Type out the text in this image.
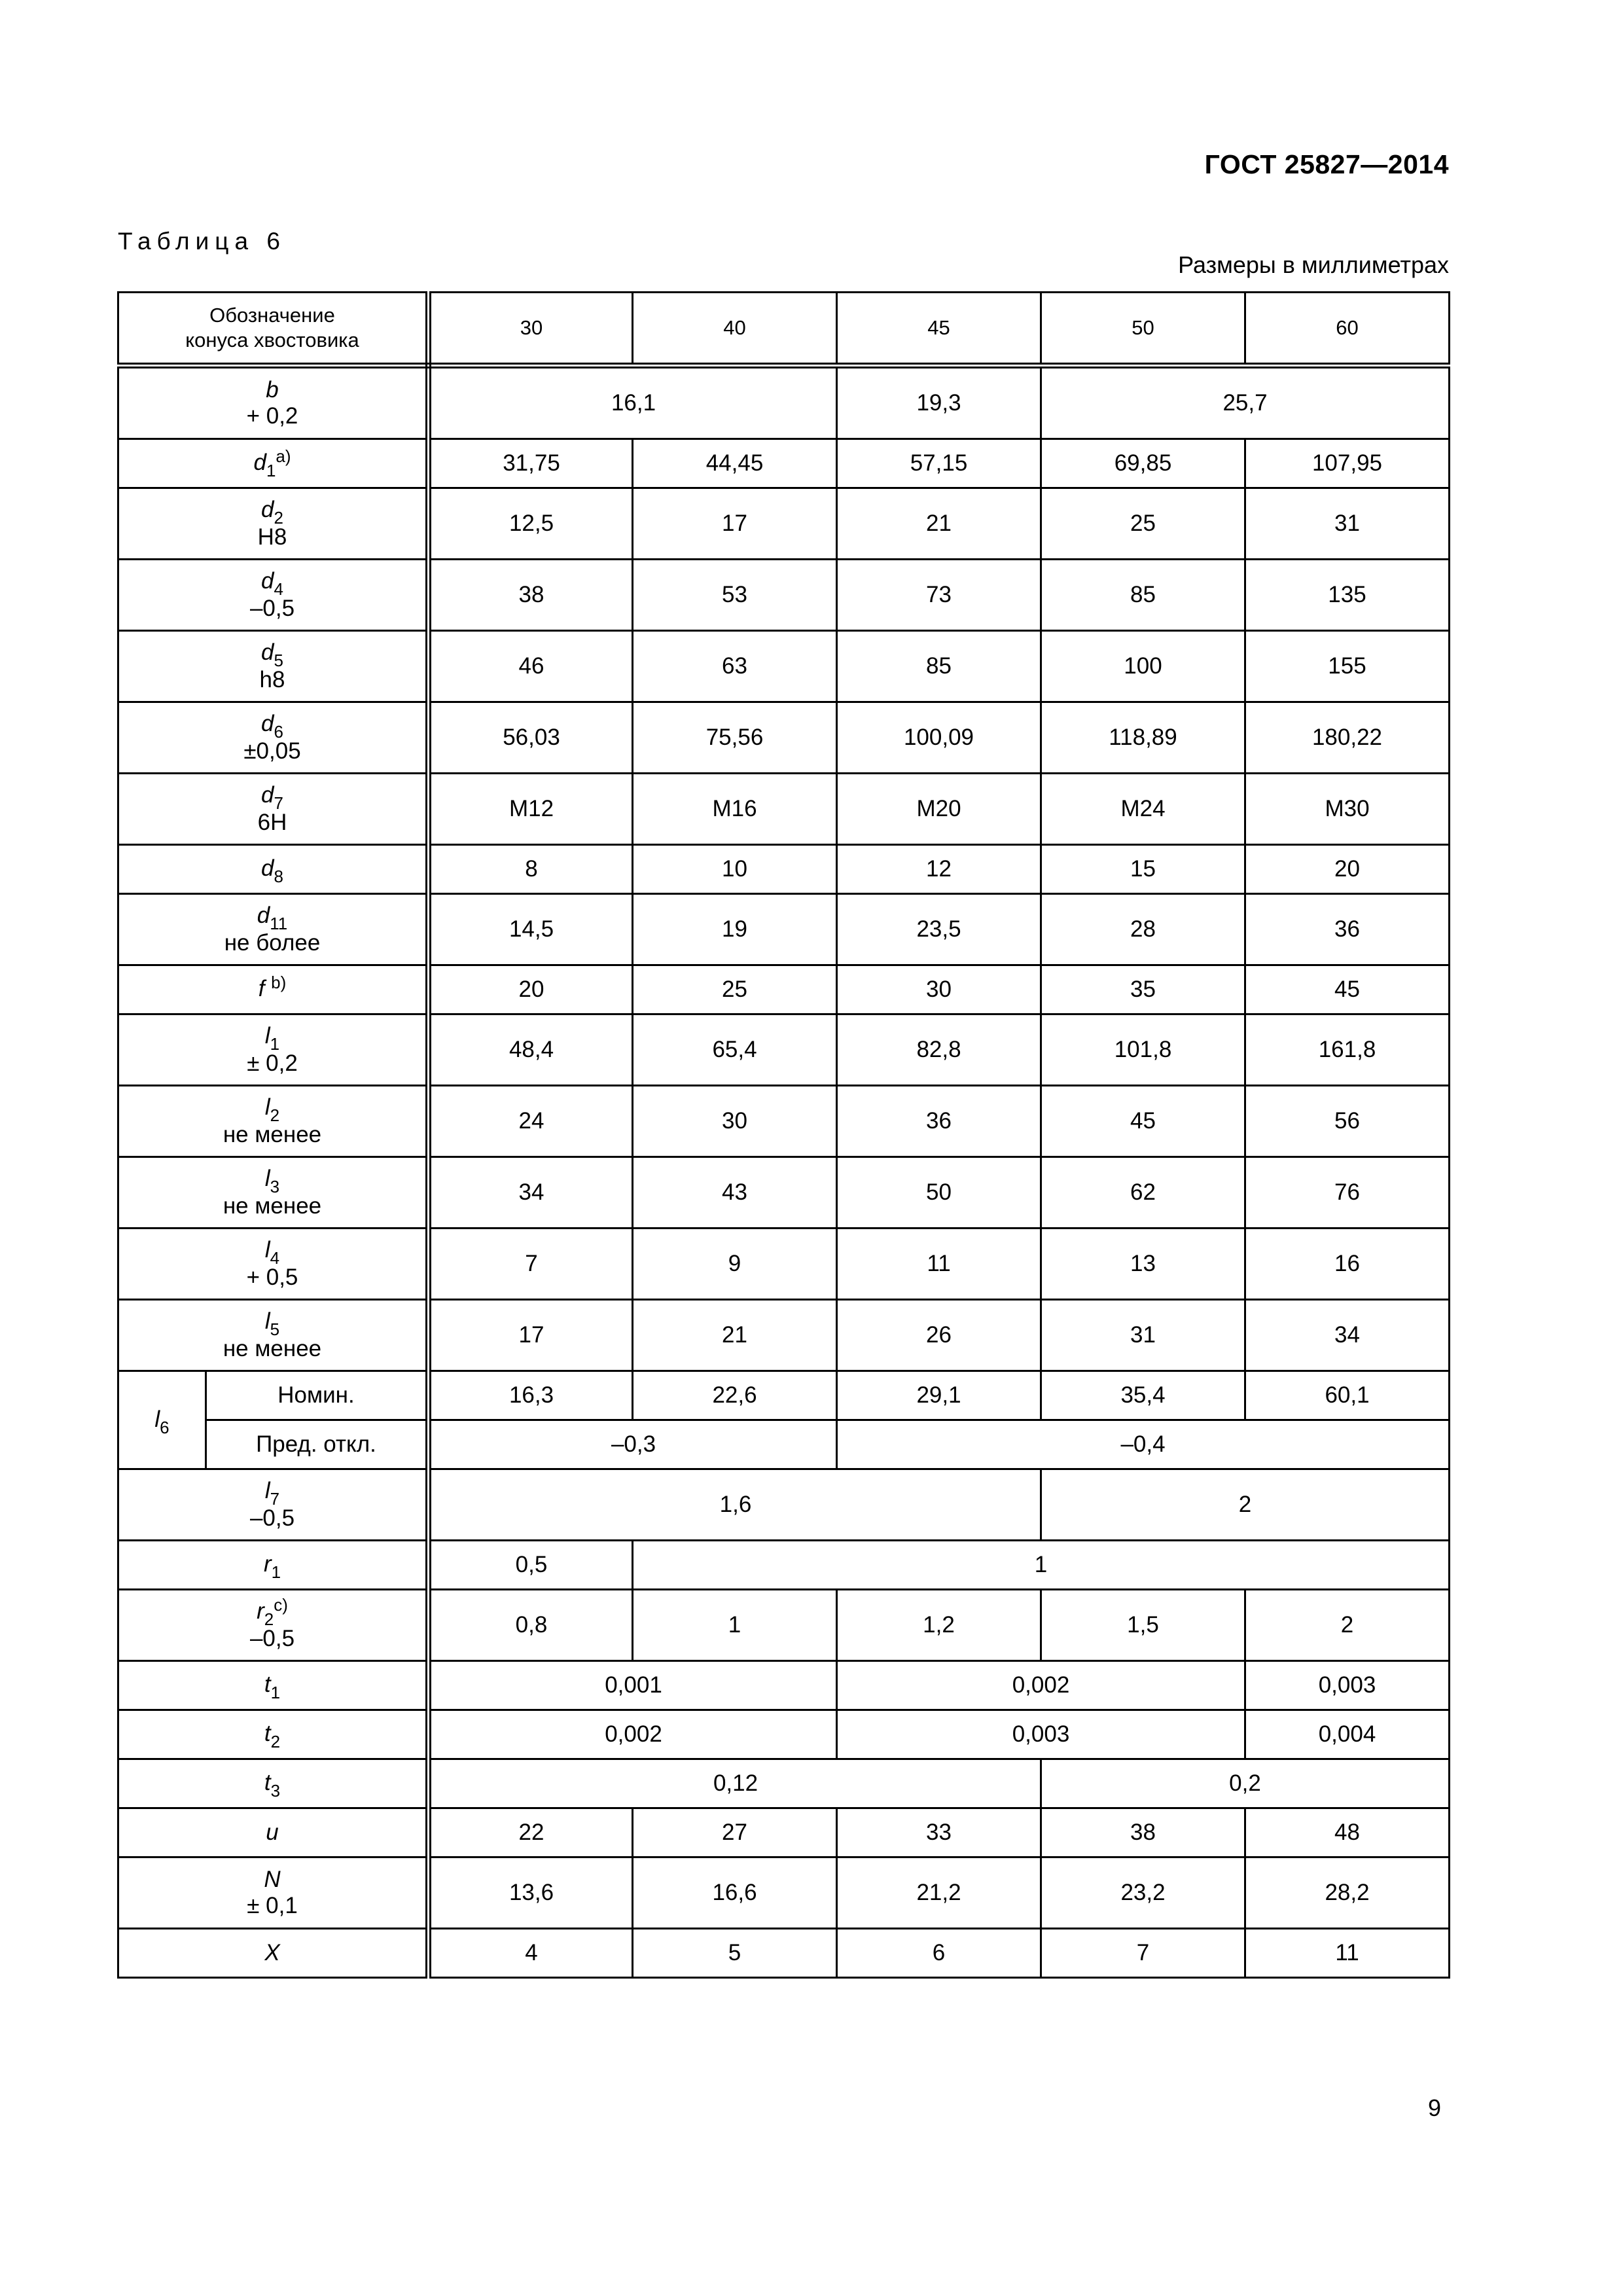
ГОСТ 25827—2014
Таблица 6
Размеры в миллиметрах
Обозначение
конуса хвостовика		30	40	45	50	60
b
+ 0,2		16,1		19,3	25,7	
$d_1^{a)}$		31,75	44,45	57,15	69,85	107,95
$d_2$
H8		12,5	17	21	25	31
$d_4$
–0,5		38	53	73	85	135
$d_5$
h8		46	63	85	100	155
$d_6$
±0,05		56,03	75,56	100,09	118,89	180,22
$d_7$
6H		M12	M16	M20	M24	M30
$d_8$		8	10	12	15	20
$d_{11}$
не более		14,5	19	23,5	28	36
f $^{b)}$		20	25	30	35	45
$l_1$
± 0,2		48,4	65,4	82,8	101,8	161,8
$l_2$
не менее		24	30	36	45	56
$l_3$
не менее		34	43	50	62	76
$l_4$
+ 0,5		7	9	11	13	16
$l_5$
не менее		17	21	26	31	34
$l_6$	Номин.	16,3	22,6	29,1	35,4	60,1
	Пред. откл.	–0,3		–0,4		
$l_7$
–0,5		1,6			2	
$r_1$		0,5	1			
$r_2^{c)}$
–0,5		0,8	1	1,2	1,5	2
$t_1$		0,001		0,002		0,003
$t_2$		0,002		0,003		0,004
$t_3$		0,12			0,2	
u		22	27	33	38	48
N
± 0,1		13,6	16,6	21,2	23,2	28,2
X		4	5	6	7	11
9
